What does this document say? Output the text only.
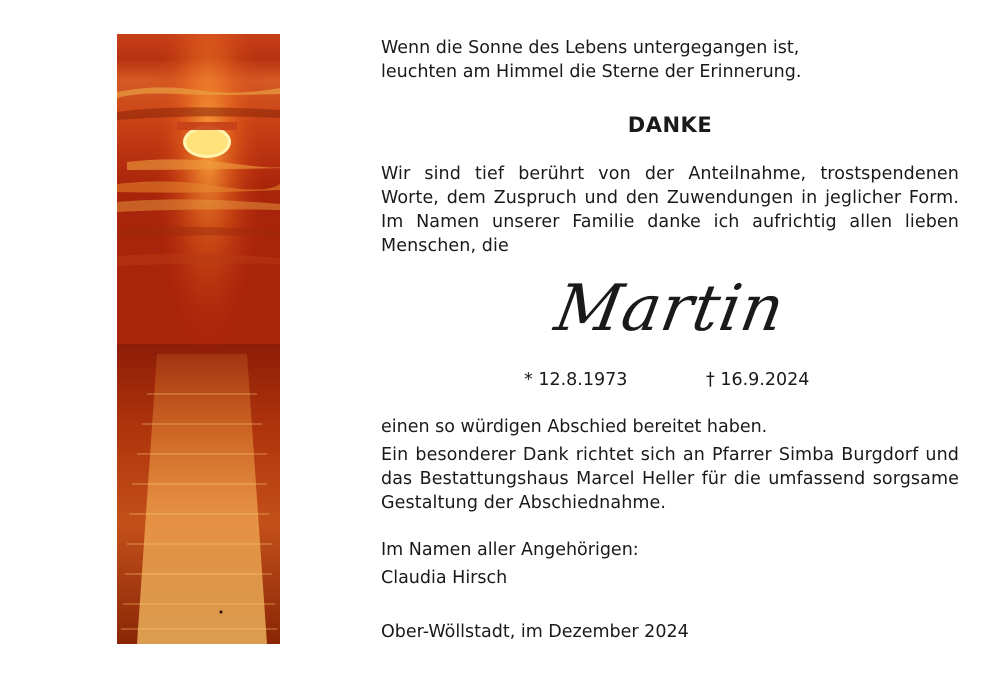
Wenn die Sonne des Lebens untergegangen ist,
leuchten am Himmel die Sterne der Erinnerung.
DANKE
Wir sind tief berührt von der Anteilnahme, trostspendenen Worte, dem Zuspruch und den Zuwendungen in jeglicher Form. Im Namen unserer Familie danke ich aufrichtig allen lieben Menschen, die
Martin
* 12.8.1973	† 16.9.2024
einen so würdigen Abschied bereitet haben.
Ein besonderer Dank richtet sich an Pfarrer Simba Burgdorf und das Bestattungshaus Marcel Heller für die umfassend sorgsame Gestaltung der Abschiednahme.
Im Namen aller Angehörigen:
Claudia Hirsch
Ober-Wöllstadt, im Dezember 2024
